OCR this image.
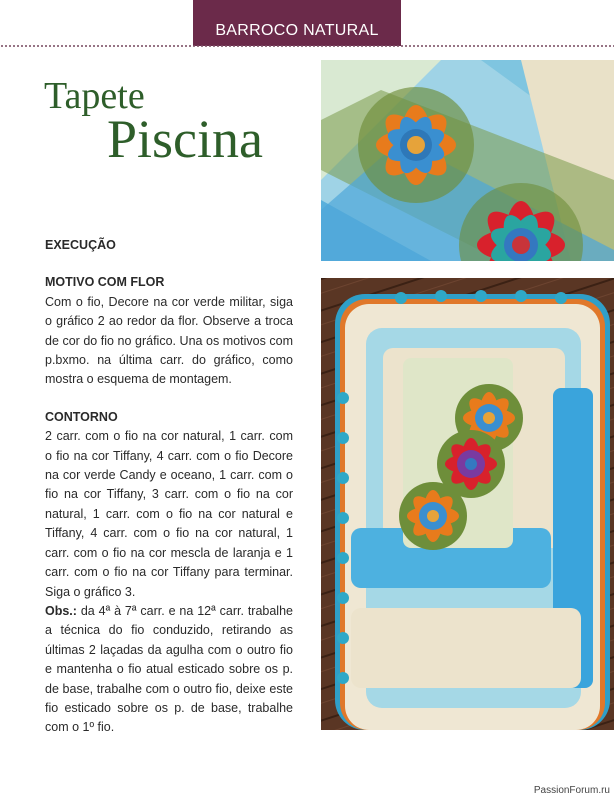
BARROCO NATURAL
Tapete
Piscina
EXECUÇÃO
MOTIVO COM FLOR

Com o fio, Decore na cor verde militar, siga o gráfico 2 ao redor da flor. Observe a troca de cor do fio no gráfico. Una os motivos com p.bxmo. na última carr. do gráfico, como mostra o esquema de montagem.

CONTORNO

2 carr. com o fio na cor natural, 1 carr. com o fio na cor Tiffany, 4 carr. com o fio Decore na cor verde Candy e oceano, 1 carr. com o fio na cor Tiffany, 3 carr. com o fio na cor natural, 1 carr. com o fio na cor natural e Tiffany, 4 carr. com o fio na cor natural, 1 carr. com o fio na cor mescla de laranja e 1 carr. com o fio na cor Tiffany para terminar. Siga o gráfico 3.

Obs.: da 4ª à 7ª carr. e na 12ª carr. trabalhe a técnica do fio conduzido, retirando as últimas 2 laçadas da agulha com o outro fio e mantenha o fio atual esticado sobre os p. de base, trabalhe com o outro fio, deixe este fio esticado sobre os p. de base, trabalhe com o 1º fio.

PassionForum.ru
